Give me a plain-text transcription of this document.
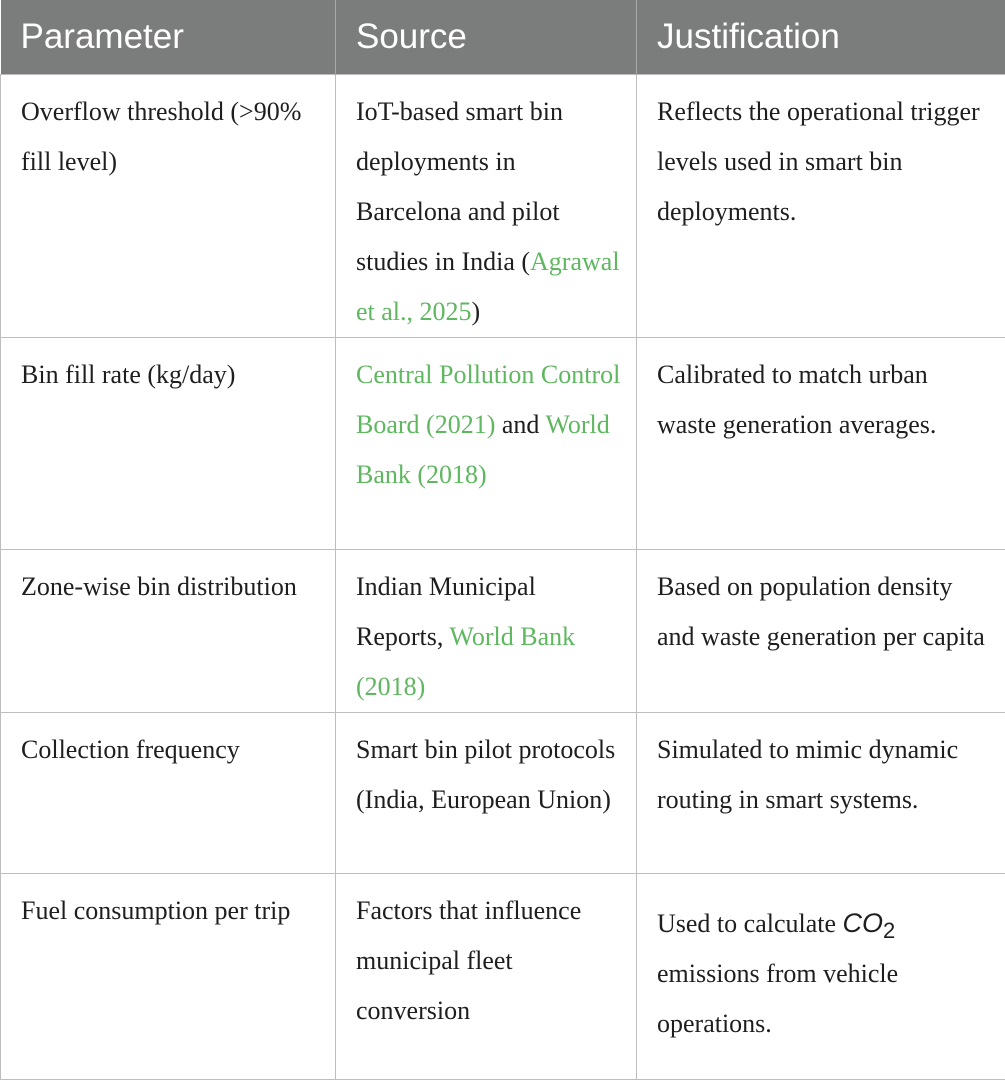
Parameter	Source	Justification
Overflow threshold (>90% fill level)	IoT-based smart bin deployments in Barcelona and pilot studies in India (Agrawal et al., 2025)	Reflects the operational trigger levels used in smart bin deployments.
Bin fill rate (kg/day)	Central Pollution Control Board (2021) and World Bank (2018)	Calibrated to match urban waste generation averages.
Zone-wise bin distribution	Indian Municipal Reports, World Bank (2018)	Based on population density and waste generation per capita
Collection frequency	Smart bin pilot protocols (India, European Union)	Simulated to mimic dynamic routing in smart systems.
Fuel consumption per trip	Factors that influence municipal fleet conversion	Used to calculate $CO_2$ emissions from vehicle operations.
